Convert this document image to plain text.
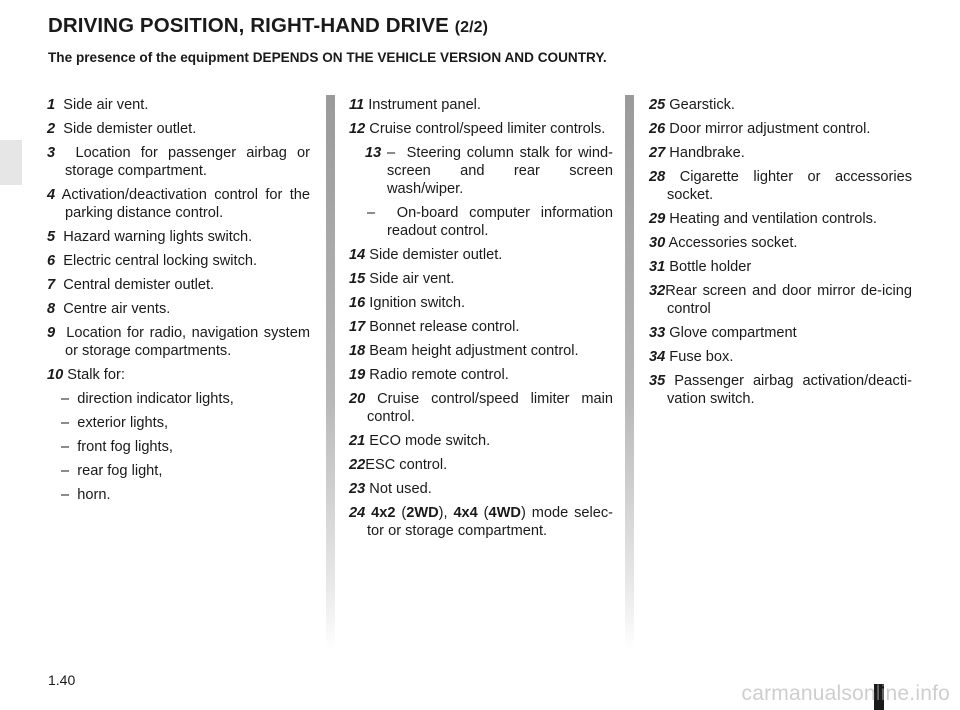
DRIVING POSITION, RIGHT-HAND DRIVE (2/2)

The presence of the equipment DEPENDS ON THE VEHICLE VERSION AND COUNTRY.

1 Side air vent.
2 Side demister outlet.
3 Location for passenger airbag or storage compartment.
4 Activation/deactivation control for the parking distance control.
5 Hazard warning lights switch.
6 Electric central locking switch.
7 Central demister outlet.
8 Centre air vents.
9 Location for radio, navigation system or storage compartments.
10 Stalk for:
– direction indicator lights,
– exterior lights,
– front fog lights,
– rear fog light,
– horn.
11 Instrument panel.
12 Cruise control/speed limiter controls.
13 – Steering column stalk for wind-screen and rear screen wash/wiper.
– On-board computer information readout control.
14 Side demister outlet.
15 Side air vent.
16 Ignition switch.
17 Bonnet release control.
18 Beam height adjustment control.
19 Radio remote control.
20 Cruise control/speed limiter main control.
21 ECO mode switch.
22ESC control.
23 Not used.
24 4x2 (2WD), 4x4 (4WD) mode selec-tor or storage compartment.
25 Gearstick.
26 Door mirror adjustment control.
27 Handbrake.
28 Cigarette lighter or accessories socket.
29 Heating and ventilation controls.
30 Accessories socket.
31 Bottle holder
32Rear screen and door mirror de-icing control
33 Glove compartment
34 Fuse box.
35 Passenger airbag activation/deacti-vation switch.
1.40
carmanualsonline.info
